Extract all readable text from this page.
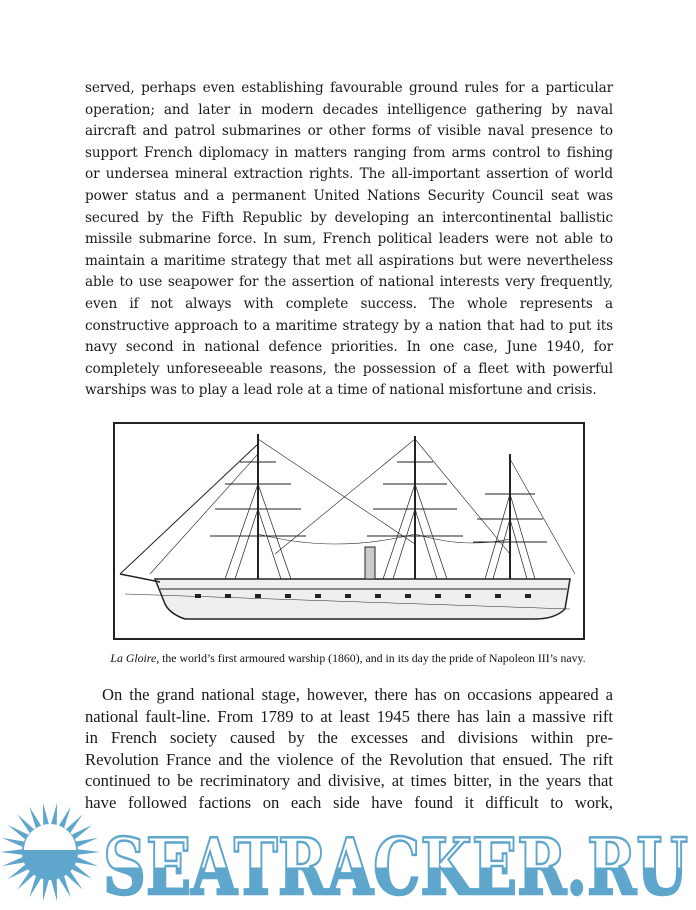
served, perhaps even establishing favourable ground rules for a particular
operation; and later in modern decades intelligence gathering by naval
aircraft and patrol submarines or other forms of visible naval presence to
support French diplomacy in matters ranging from arms control to fishing
or undersea mineral extraction rights. The all-important assertion of world
power status and a permanent United Nations Security Council seat was
secured by the Fifth Republic by developing an intercontinental ballistic
missile submarine force. In sum, French political leaders were not able to
maintain a maritime strategy that met all aspirations but were nevertheless
able to use seapower for the assertion of national interests very frequently,
even if not always with complete success. The whole represents a
constructive approach to a maritime strategy by a nation that had to put its
navy second in national defence priorities. In one case, June 1940, for
completely unforeseeable reasons, the possession of a fleet with powerful
warships was to play a lead role at a time of national misfortune and crisis.
La Gloire, the world’s first armoured warship (1860), and in its day the pride of Napoleon III’s navy.
On the grand national stage, however, there has on occasions appeared a
national fault-line. From 1789 to at least 1945 there has lain a massive rift
in French society caused by the excesses and divisions within pre-
Revolution France and the violence of the Revolution that ensued. The rift
continued to be recriminatory and divisive, at times bitter, in the years that
have followed factions on each side have found it difficult to work,
SEATRACKER.RU
